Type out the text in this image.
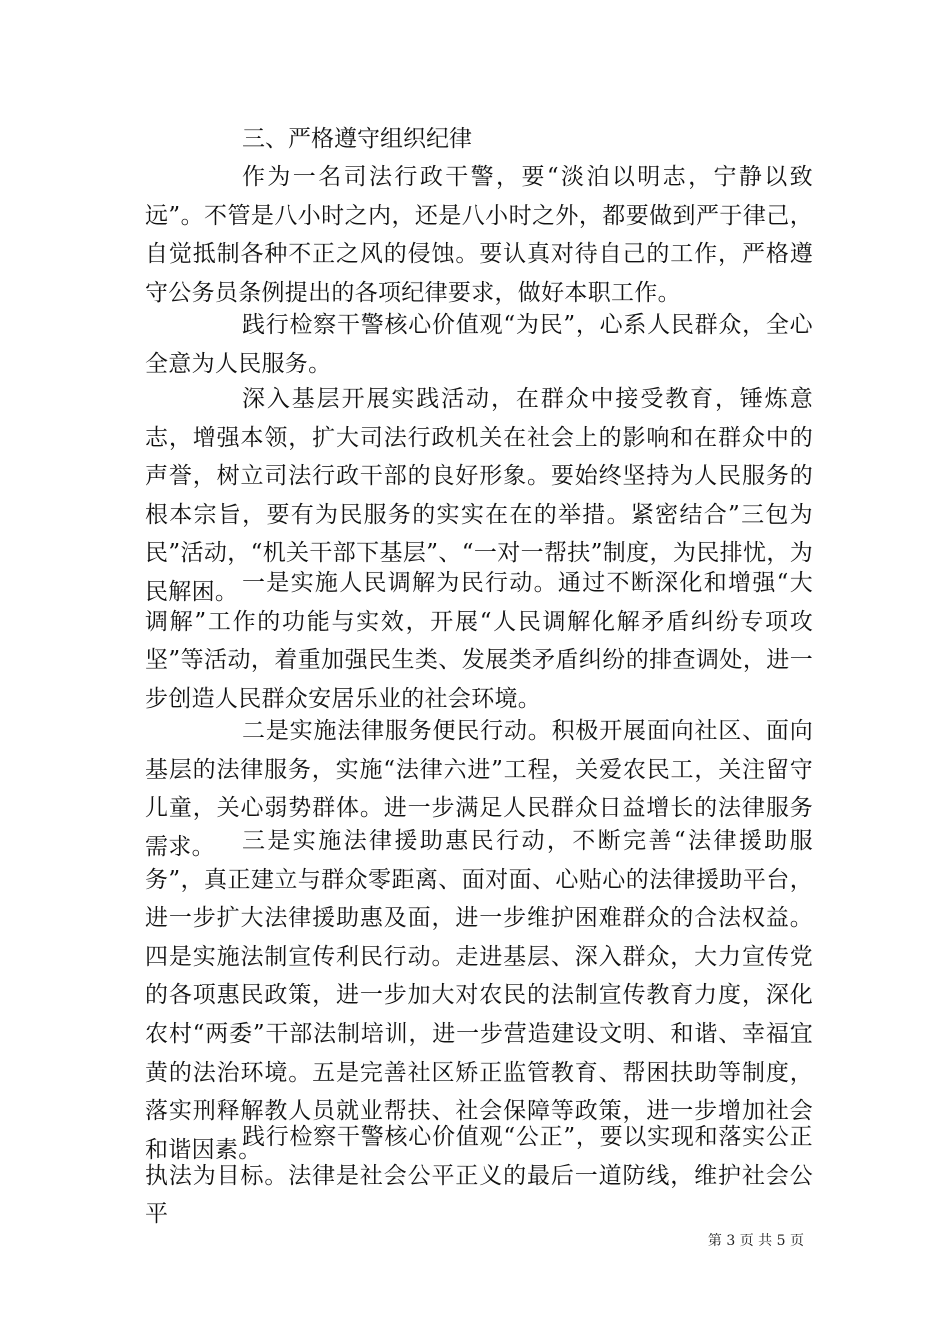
三、严格遵守组织纪律

作为一名司法行政干警，要“淡泊以明志，宁静以致远”。不管是八小时之内，还是八小时之外，都要做到严于律己，自觉抵制各种不正之风的侵蚀。要认真对待自己的工作，严格遵守公务员条例提出的各项纪律要求，做好本职工作。

践行检察干警核心价值观“为民”，心系人民群众，全心全意为人民服务。

深入基层开展实践活动，在群众中接受教育，锤炼意志，增强本领，扩大司法行政机关在社会上的影响和在群众中的声誉，树立司法行政干部的良好形象。要始终坚持为人民服务的根本宗旨，要有为民服务的实实在在的举措。紧密结合”三包为民”活动，“机关干部下基层”、“一对一帮扶”制度，为民排忧，为民解困。 一是实施人民调解为民行动。通过不断深化和增强“大调解”工作的功能与实效，开展“人民调解化解矛盾纠纷专项攻坚”等活动，着重加强民生类、发展类矛盾纠纷的排查调处，进一步创造人民群众安居乐业的社会环境。

二是实施法律服务便民行动。积极开展面向社区、面向基层的法律服务，实施“法律六进”工程，关爱农民工，关注留守儿童，关心弱势群体。进一步满足人民群众日益增长的法律服务需求。	三是实施法律援助惠民行动，不断完善“法律援助服务”，真正建立与群众零距离、面对面、心贴心的法律援助平台，进一步扩大法律援助惠及面，进一步维护困难群众的合法权益。四是实施法制宣传利民行动。走进基层、深入群众，大力宣传党的各项惠民政策，进一步加大对农民的法制宣传教育力度，深化农村“两委”干部法制培训，进一步营造建设文明、和谐、幸福宜黄的法治环境。五是完善社区矫正监管教育、帮困扶助等制度，落实刑释解教人员就业帮扶、社会保障等政策，进一步增加社会和谐因素。

践行检察干警核心价值观“公正”，要以实现和落实公正执法为目标。法律是社会公平正义的最后一道防线，维护社会公平

第 3 页 共 5 页
